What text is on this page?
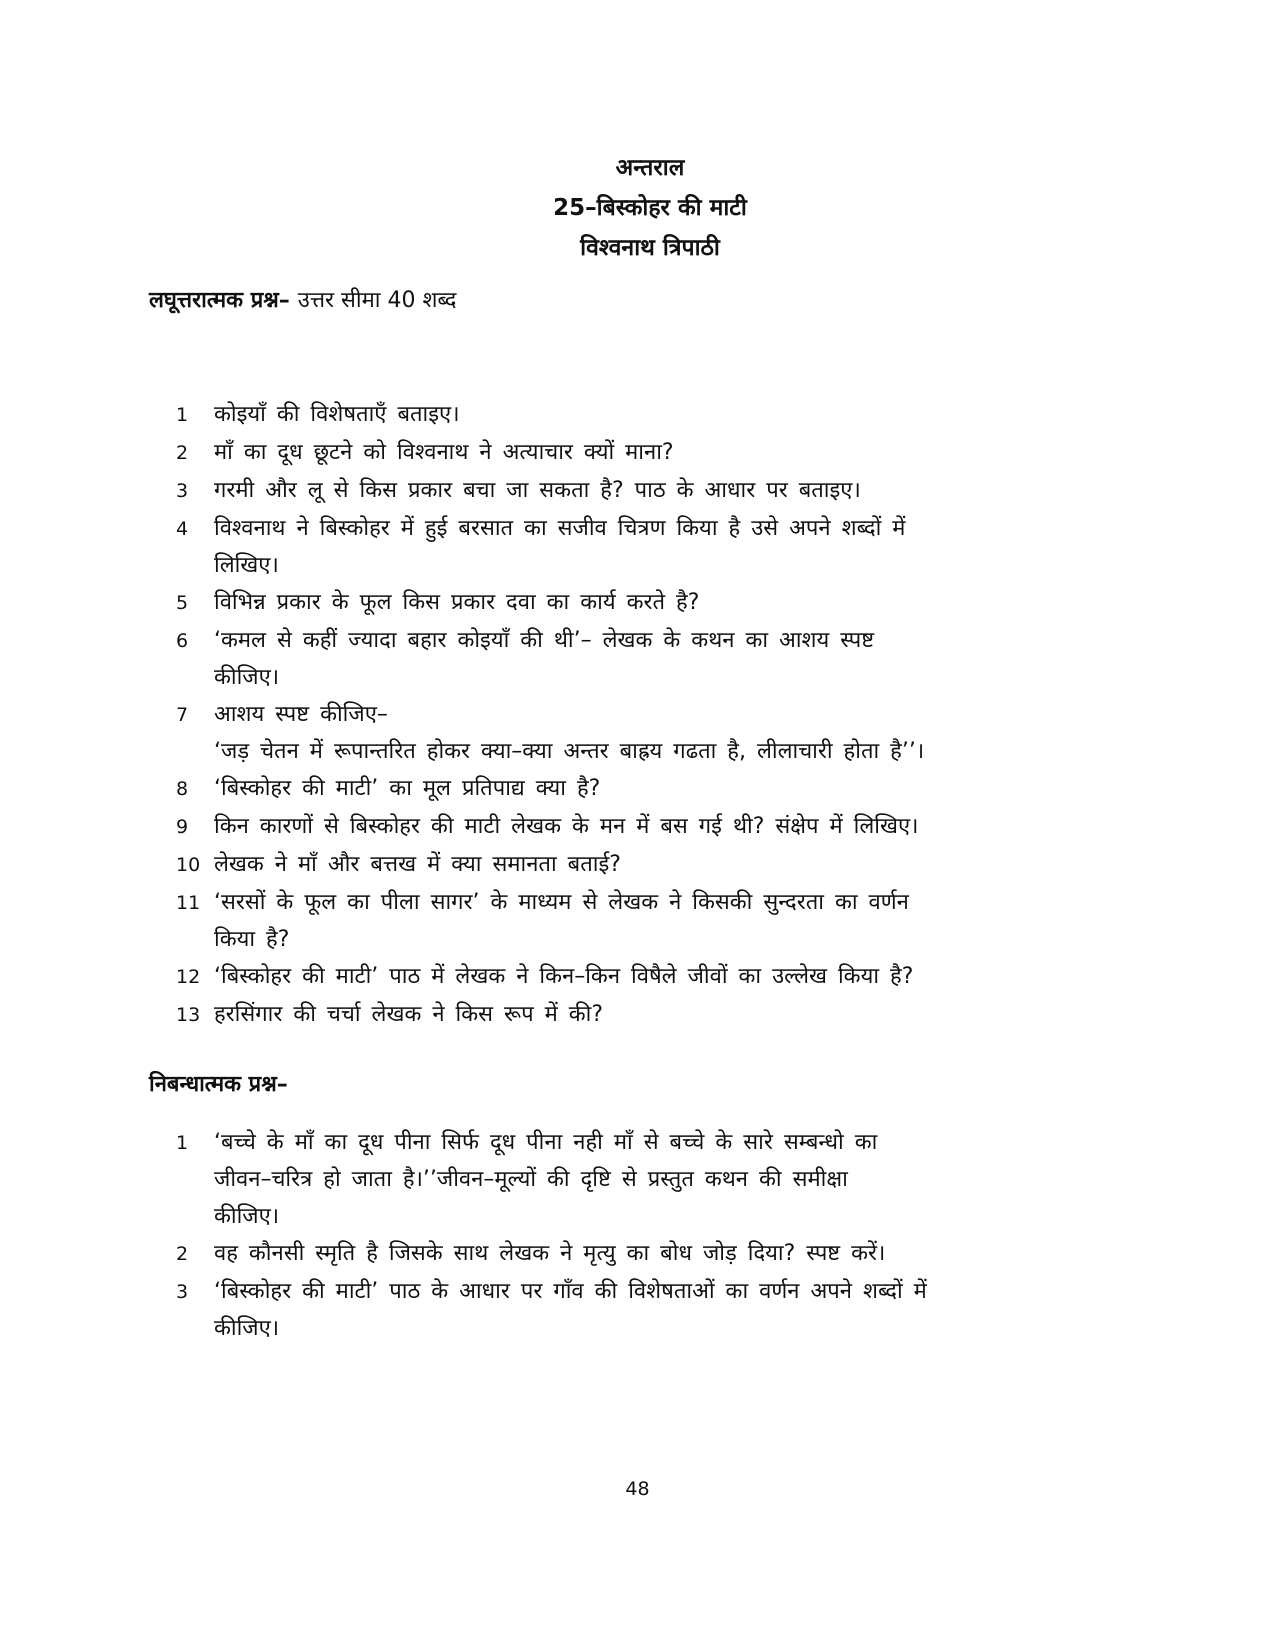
अन्तराल
25–बिस्कोहर की माटी
विश्वनाथ त्रिपाठी
लघूत्तरात्मक प्रश्न– उत्तर सीमा 40 शब्द
1	कोइयाँ की विशेषताएँ बताइए।
2	माँ का दूध छूटने को विश्वनाथ ने अत्याचार क्यों माना?
3	गरमी और लू से किस प्रकार बचा जा सकता है? पाठ के आधार पर बताइए।
4	विश्वनाथ ने बिस्कोहर में हुई बरसात का सजीव चित्रण किया है उसे अपने शब्दों में
लिखिए।
5	विभिन्न प्रकार के फूल किस प्रकार दवा का कार्य करते है?
6	‘कमल से कहीं ज्यादा बहार कोइयाँ की थी’– लेखक के कथन का आशय स्पष्ट
कीजिए।
7	आशय स्पष्ट कीजिए–
‘जड़ चेतन में रूपान्तरित होकर क्या–क्या अन्तर बाह्रय गढता है, लीलाचारी होता है’’।
8	‘बिस्कोहर की माटी’ का मूल प्रतिपाद्य क्या है?
9	किन कारणों से बिस्कोहर की माटी लेखक के मन में बस गई थी? संक्षेप में लिखिए।
10 लेखक ने माँ और बत्तख में क्या समानता बताई?
11 ‘सरसों के फूल का पीला सागर’ के माध्यम से लेखक ने किसकी सुन्दरता का वर्णन
किया है?
12 ‘बिस्कोहर की माटी’ पाठ में लेखक ने किन–किन विषैले जीवों का उल्लेख किया है?
13 हरसिंगार की चर्चा लेखक ने किस रूप में की?
निबन्धात्मक प्रश्न–
1	‘बच्चे के माँ का दूध पीना सिर्फ दूध पीना नही माँ से बच्चे के सारे सम्बन्धो का
जीवन–चरित्र हो जाता है।’’जीवन–मूल्यों की दृष्टि से प्रस्तुत कथन की समीक्षा
कीजिए।
2	वह कौनसी स्मृति है जिसके साथ लेखक ने मृत्यु का बोध जोड़ दिया? स्पष्ट करें।
3	‘बिस्कोहर की माटी’ पाठ के आधार पर गाँव की विशेषताओं का वर्णन अपने शब्दों में
कीजिए।
48
